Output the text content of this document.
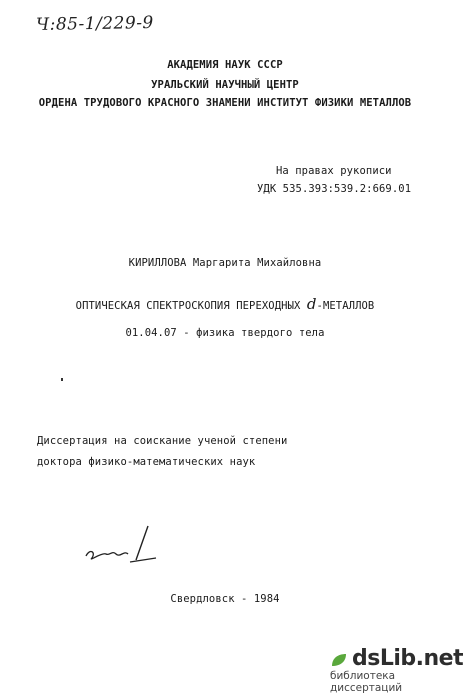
Ч:85-1/229-9
АКАДЕМИЯ НАУК СССР
УРАЛЬСКИЙ НАУЧНЫЙ ЦЕНТР
ОРДЕНА ТРУДОВОГО КРАСНОГО ЗНАМЕНИ ИНСТИТУТ ФИЗИКИ МЕТАЛЛОВ
На правах рукописи
УДК 535.393:539.2:669.01
КИРИЛЛОВА Маргарита Михайловна
ОПТИЧЕСКАЯ СПЕКТРОСКОПИЯ ПЕРЕХОДНЫХ d-МЕТАЛЛОВ
01.04.07 - физика твердого тела
Диссертация на соискание ученой степени
доктора физико-математических наук
Свердловск - 1984
dsLib.net
библиотека диссертаций
